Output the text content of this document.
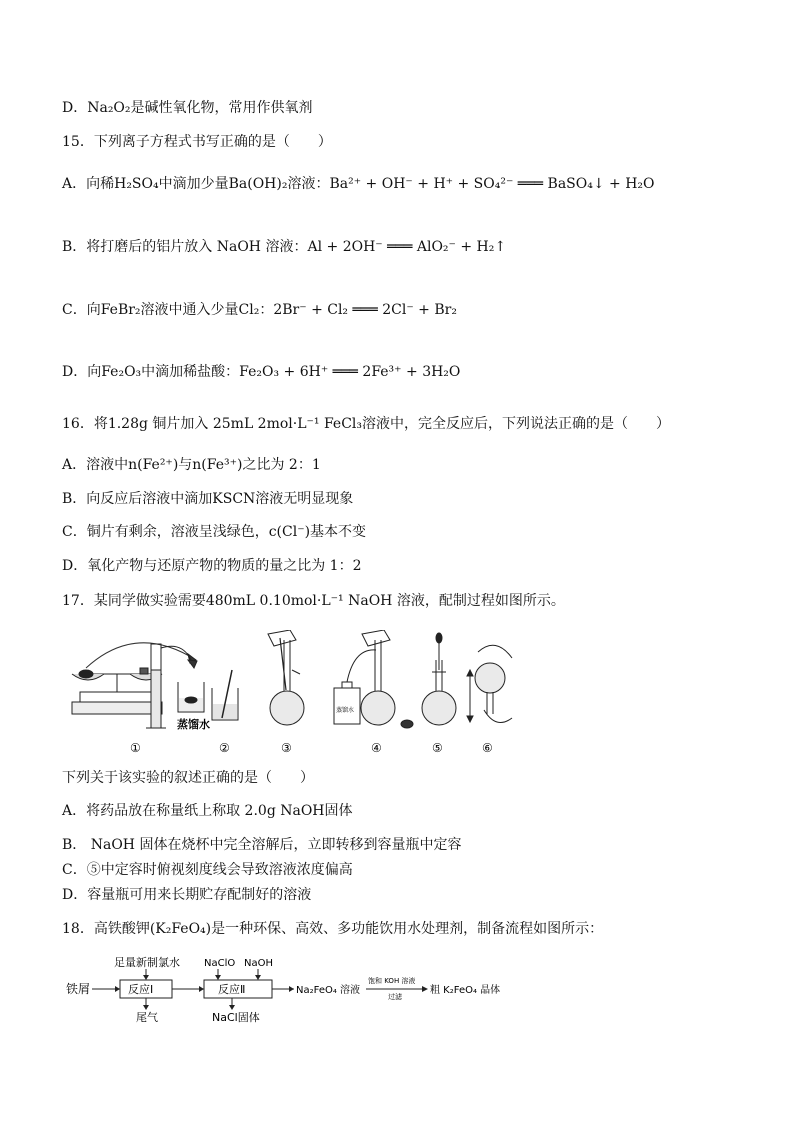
D．Na₂O₂是碱性氧化物，常用作供氧剂
15．下列离子方程式书写正确的是（　　）
A．向稀H₂SO₄中滴加少量Ba(OH)₂溶液：Ba²⁺ + OH⁻ + H⁺ + SO₄²⁻ ═══ BaSO₄↓ + H₂O
B．将打磨后的铝片放入 NaOH 溶液：Al + 2OH⁻ ═══ AlO₂⁻ + H₂↑
C．向FeBr₂溶液中通入少量Cl₂：2Br⁻ + Cl₂ ═══ 2Cl⁻ + Br₂
D．向Fe₂O₃中滴加稀盐酸：Fe₂O₃ + 6H⁺ ═══ 2Fe³⁺ + 3H₂O
16．将1.28g 铜片加入 25mL 2mol·L⁻¹ FeCl₃溶液中，完全反应后，下列说法正确的是（　　）
A．溶液中n(Fe²⁺)与n(Fe³⁺)之比为 2：1
B．向反应后溶液中滴加KSCN溶液无明显现象
C．铜片有剩余，溶液呈浅绿色，c(Cl⁻)基本不变
D．氧化产物与还原产物的物质的量之比为 1：2
17．某同学做实验需要480mL 0.10mol·L⁻¹ NaOH 溶液，配制过程如图所示。
蒸馏水
蒸馏水
①	②	③	④	⑤	⑥
下列关于该实验的叙述正确的是（　　）
A．将药品放在称量纸上称取 2.0g NaOH固体
B． NaOH 固体在烧杯中完全溶解后，立即转移到容量瓶中定容
C．⑤中定容时俯视刻度线会导致溶液浓度偏高
D．容量瓶可用来长期贮存配制好的溶液
18．高铁酸钾(K₂FeO₄)是一种环保、高效、多功能饮用水处理剂，制备流程如图所示：
铁屑
足量新制氯水
反应Ⅰ
尾气
NaClO NaOH
反应Ⅱ
NaCl固体
Na₂FeO₄ 溶液
饱和 KOH 溶液
过滤
粗 K₂FeO₄ 晶体
